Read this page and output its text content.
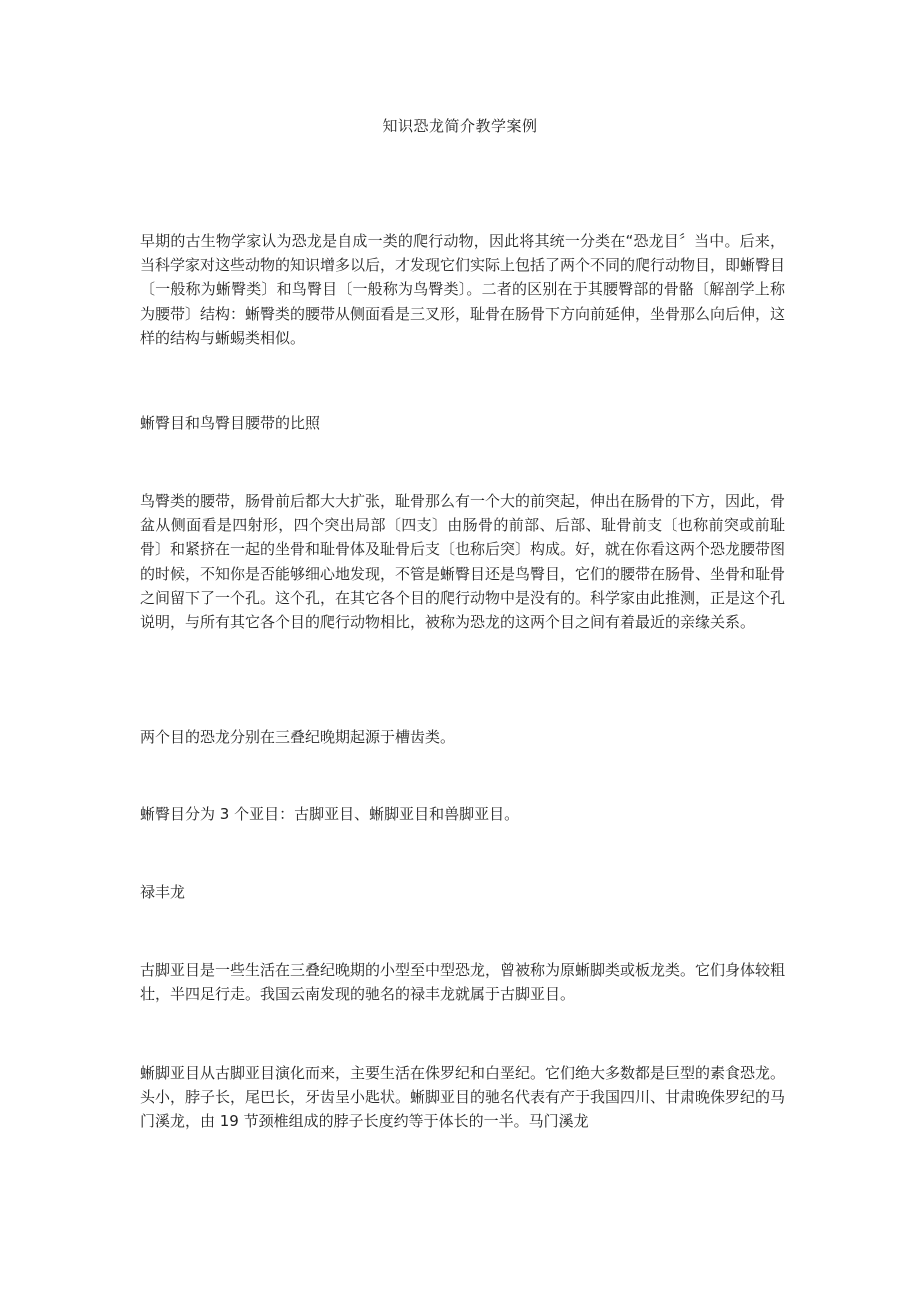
知识恐龙简介教学案例

早期的古生物学家认为恐龙是自成一类的爬行动物，因此将其统一分类在“恐龙目〞当中。后来，当科学家对这些动物的知识增多以后，才发现它们实际上包括了两个不同的爬行动物目，即蜥臀目〔一般称为蜥臀类〕和鸟臀目〔一般称为鸟臀类〕。二者的区别在于其腰臀部的骨骼〔解剖学上称为腰带〕结构：蜥臀类的腰带从侧面看是三叉形，耻骨在肠骨下方向前延伸，坐骨那么向后伸，这样的结构与蜥蜴类相似。

蜥臀目和鸟臀目腰带的比照

鸟臀类的腰带，肠骨前后都大大扩张，耻骨那么有一个大的前突起，伸出在肠骨的下方，因此，骨盆从侧面看是四射形，四个突出局部〔四支〕由肠骨的前部、后部、耻骨前支〔也称前突或前耻骨〕和紧挤在一起的坐骨和耻骨体及耻骨后支〔也称后突〕构成。好，就在你看这两个恐龙腰带图的时候，不知你是否能够细心地发现，不管是蜥臀目还是鸟臀目，它们的腰带在肠骨、坐骨和耻骨之间留下了一个孔。这个孔，在其它各个目的爬行动物中是没有的。科学家由此推测，正是这个孔说明，与所有其它各个目的爬行动物相比，被称为恐龙的这两个目之间有着最近的亲缘关系。

两个目的恐龙分别在三叠纪晚期起源于槽齿类。

蜥臀目分为 3 个亚目：古脚亚目、蜥脚亚目和兽脚亚目。

禄丰龙

古脚亚目是一些生活在三叠纪晚期的小型至中型恐龙，曾被称为原蜥脚类或板龙类。它们身体较粗壮，半四足行走。我国云南发现的驰名的禄丰龙就属于古脚亚目。

蜥脚亚目从古脚亚目演化而来，主要生活在侏罗纪和白垩纪。它们绝大多数都是巨型的素食恐龙。头小，脖子长，尾巴长，牙齿呈小匙状。蜥脚亚目的驰名代表有产于我国四川、甘肃晚侏罗纪的马门溪龙，由 19 节颈椎组成的脖子长度约等于体长的一半。马门溪龙
